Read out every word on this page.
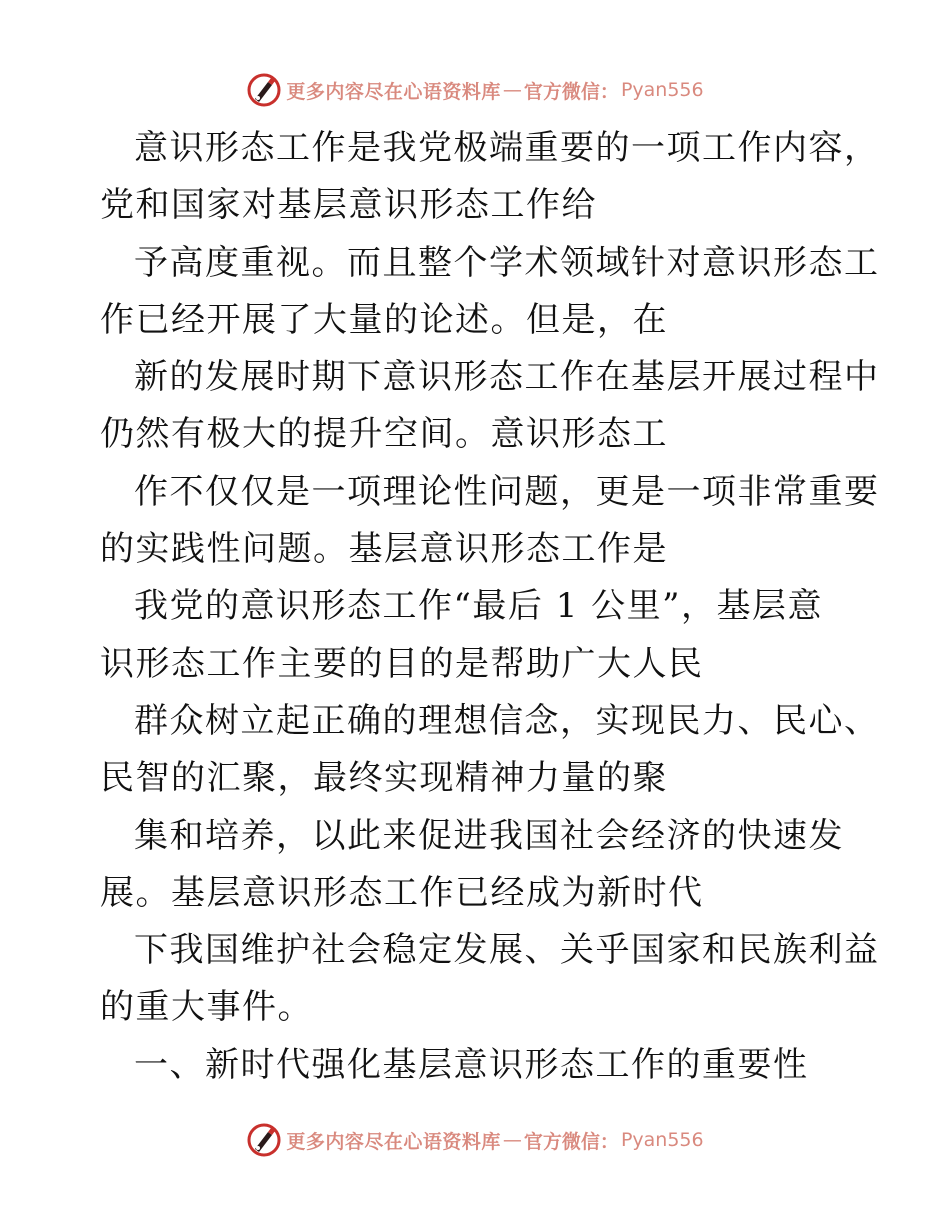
更多内容尽在心语资料库 — 官方微信： Pyan556

意识形态工作是我党极端重要的一项工作内容，
党和国家对基层意识形态工作给

予高度重视。而且整个学术领域针对意识形态工
作已经开展了大量的论述。但是，在

新的发展时期下意识形态工作在基层开展过程中
仍然有极大的提升空间。意识形态工

作不仅仅是一项理论性问题，更是一项非常重要
的实践性问题。基层意识形态工作是

我党的意识形态工作“最后 1 公里”，基层意
识形态工作主要的目的是帮助广大人民

群众树立起正确的理想信念，实现民力、民心、
民智的汇聚，最终实现精神力量的聚

集和培养，以此来促进我国社会经济的快速发
展。基层意识形态工作已经成为新时代

下我国维护社会稳定发展、关乎国家和民族利益
的重大事件。

一、新时代强化基层意识形态工作的重要性

更多内容尽在心语资料库 — 官方微信： Pyan556
